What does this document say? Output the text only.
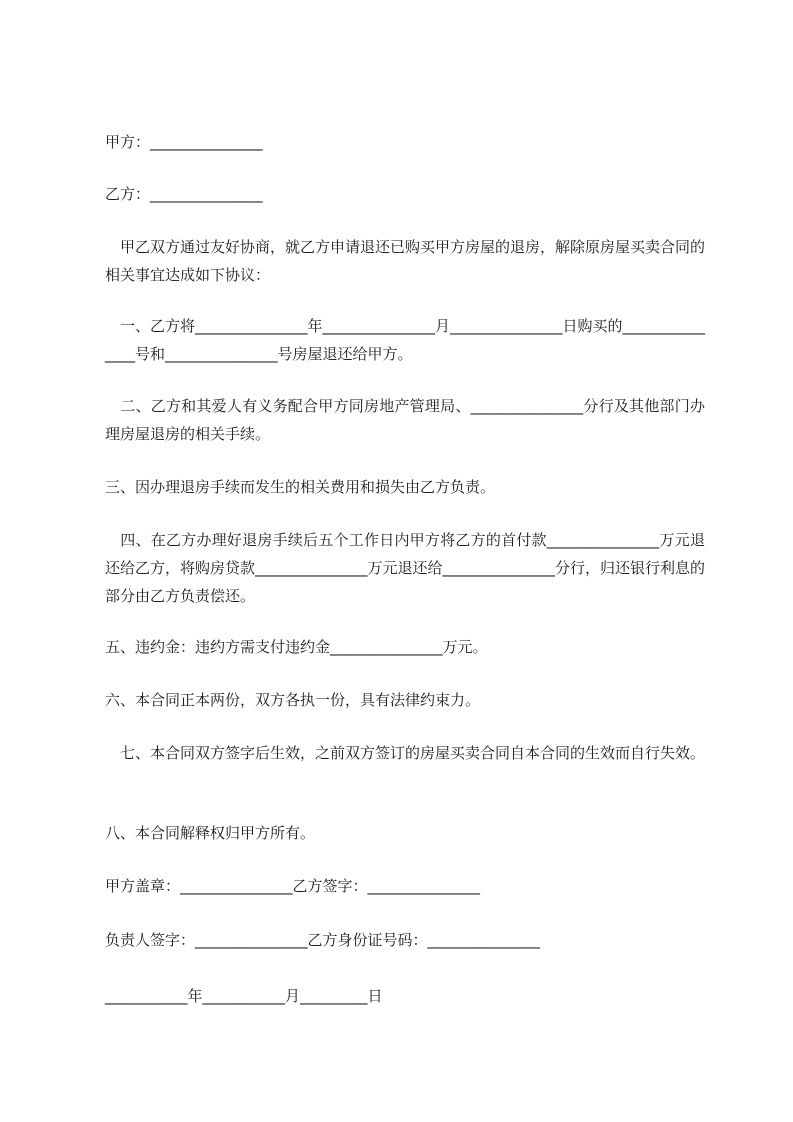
甲方：_______________
乙方：_______________
　甲乙双方通过友好协商，就乙方申请退还已购买甲方房屋的退房，解除原房屋买卖合同的相关事宜达成如下协议：
　一、乙方将_______________年_______________月_______________日购买的_______________号和_______________号房屋退还给甲方。
　二、乙方和其爱人有义务配合甲方同房地产管理局、_______________分行及其他部门办理房屋退房的相关手续。
三、因办理退房手续而发生的相关费用和损失由乙方负责。
　四、在乙方办理好退房手续后五个工作日内甲方将乙方的首付款_______________万元退还给乙方，将购房贷款_______________万元退还给_______________分行，归还银行利息的部分由乙方负责偿还。
五、违约金：违约方需支付违约金_______________万元。
六、本合同正本两份，双方各执一份，具有法律约束力。
　七、本合同双方签字后生效，之前双方签订的房屋买卖合同自本合同的生效而自行失效。
八、本合同解释权归甲方所有。
甲方盖章：_______________乙方签字：_______________
负责人签字：_______________乙方身份证号码：_______________
___________年___________月_________日
